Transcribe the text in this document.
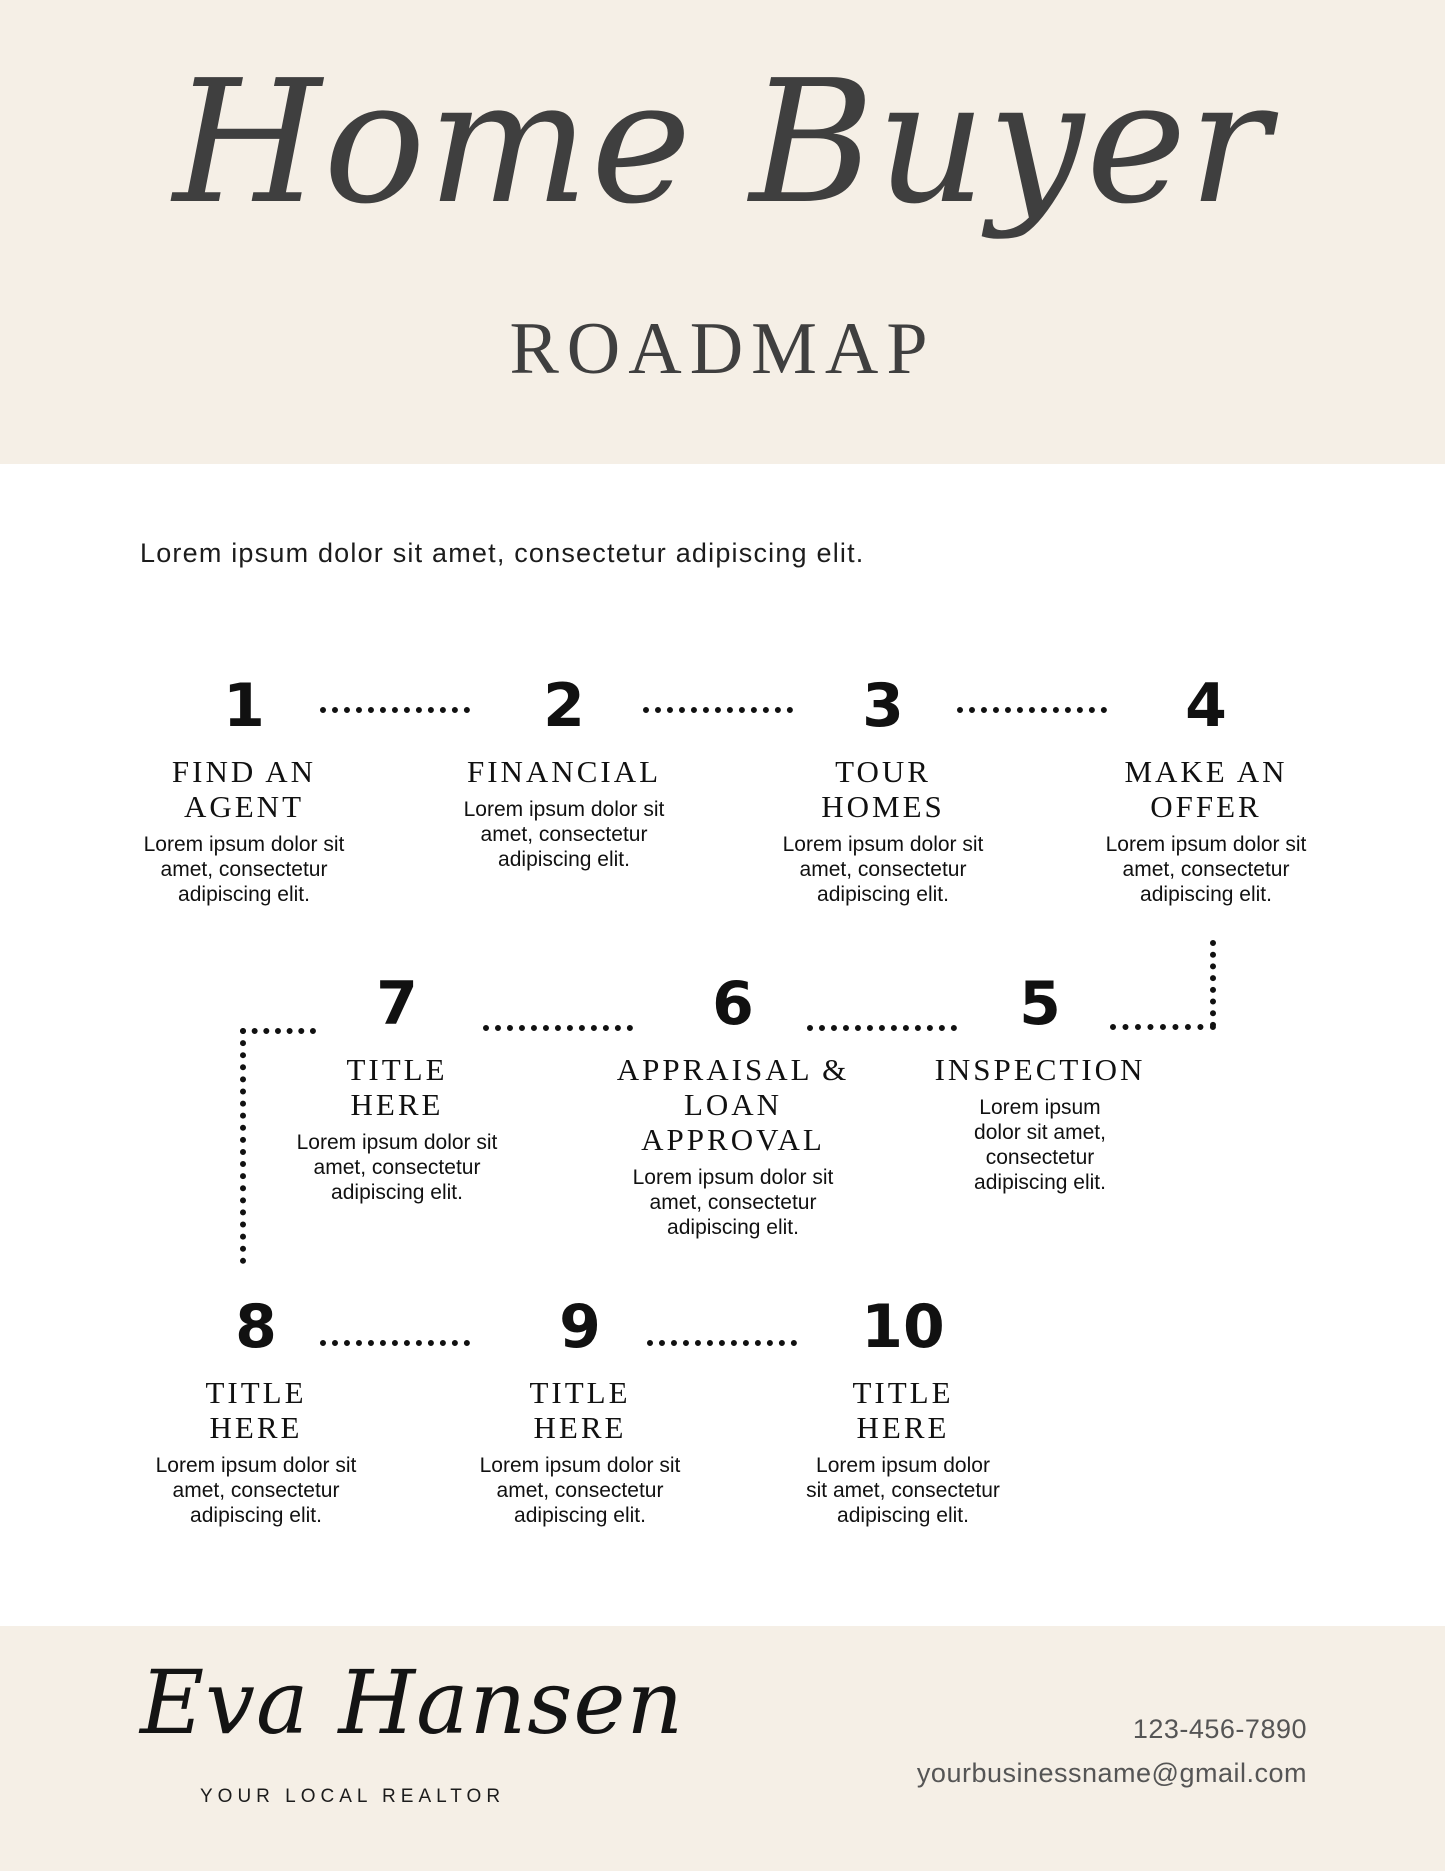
Home Buyer
ROADMAP
Lorem ipsum dolor sit amet, consectetur adipiscing elit.
1
FIND AN
AGENT
Lorem ipsum dolor sit
amet, consectetur
adipiscing elit.
2
FINANCIAL
Lorem ipsum dolor sit
amet, consectetur
adipiscing elit.
3
TOUR
HOMES
Lorem ipsum dolor sit
amet, consectetur
adipiscing elit.
4
MAKE AN
OFFER
Lorem ipsum dolor sit
amet, consectetur
adipiscing elit.
5
INSPECTION
Lorem ipsum
dolor sit amet,
consectetur
adipiscing elit.
6
APPRAISAL &
LOAN
APPROVAL
Lorem ipsum dolor sit
amet, consectetur
adipiscing elit.
7
TITLE
HERE
Lorem ipsum dolor sit
amet, consectetur
adipiscing elit.
8
TITLE
HERE
Lorem ipsum dolor sit
amet, consectetur
adipiscing elit.
9
TITLE
HERE
Lorem ipsum dolor sit
amet, consectetur
adipiscing elit.
10
TITLE
HERE
Lorem ipsum dolor
sit amet, consectetur
adipiscing elit.
Eva Hansen
YOUR LOCAL REALTOR
123-456-7890
yourbusinessname@gmail.com
